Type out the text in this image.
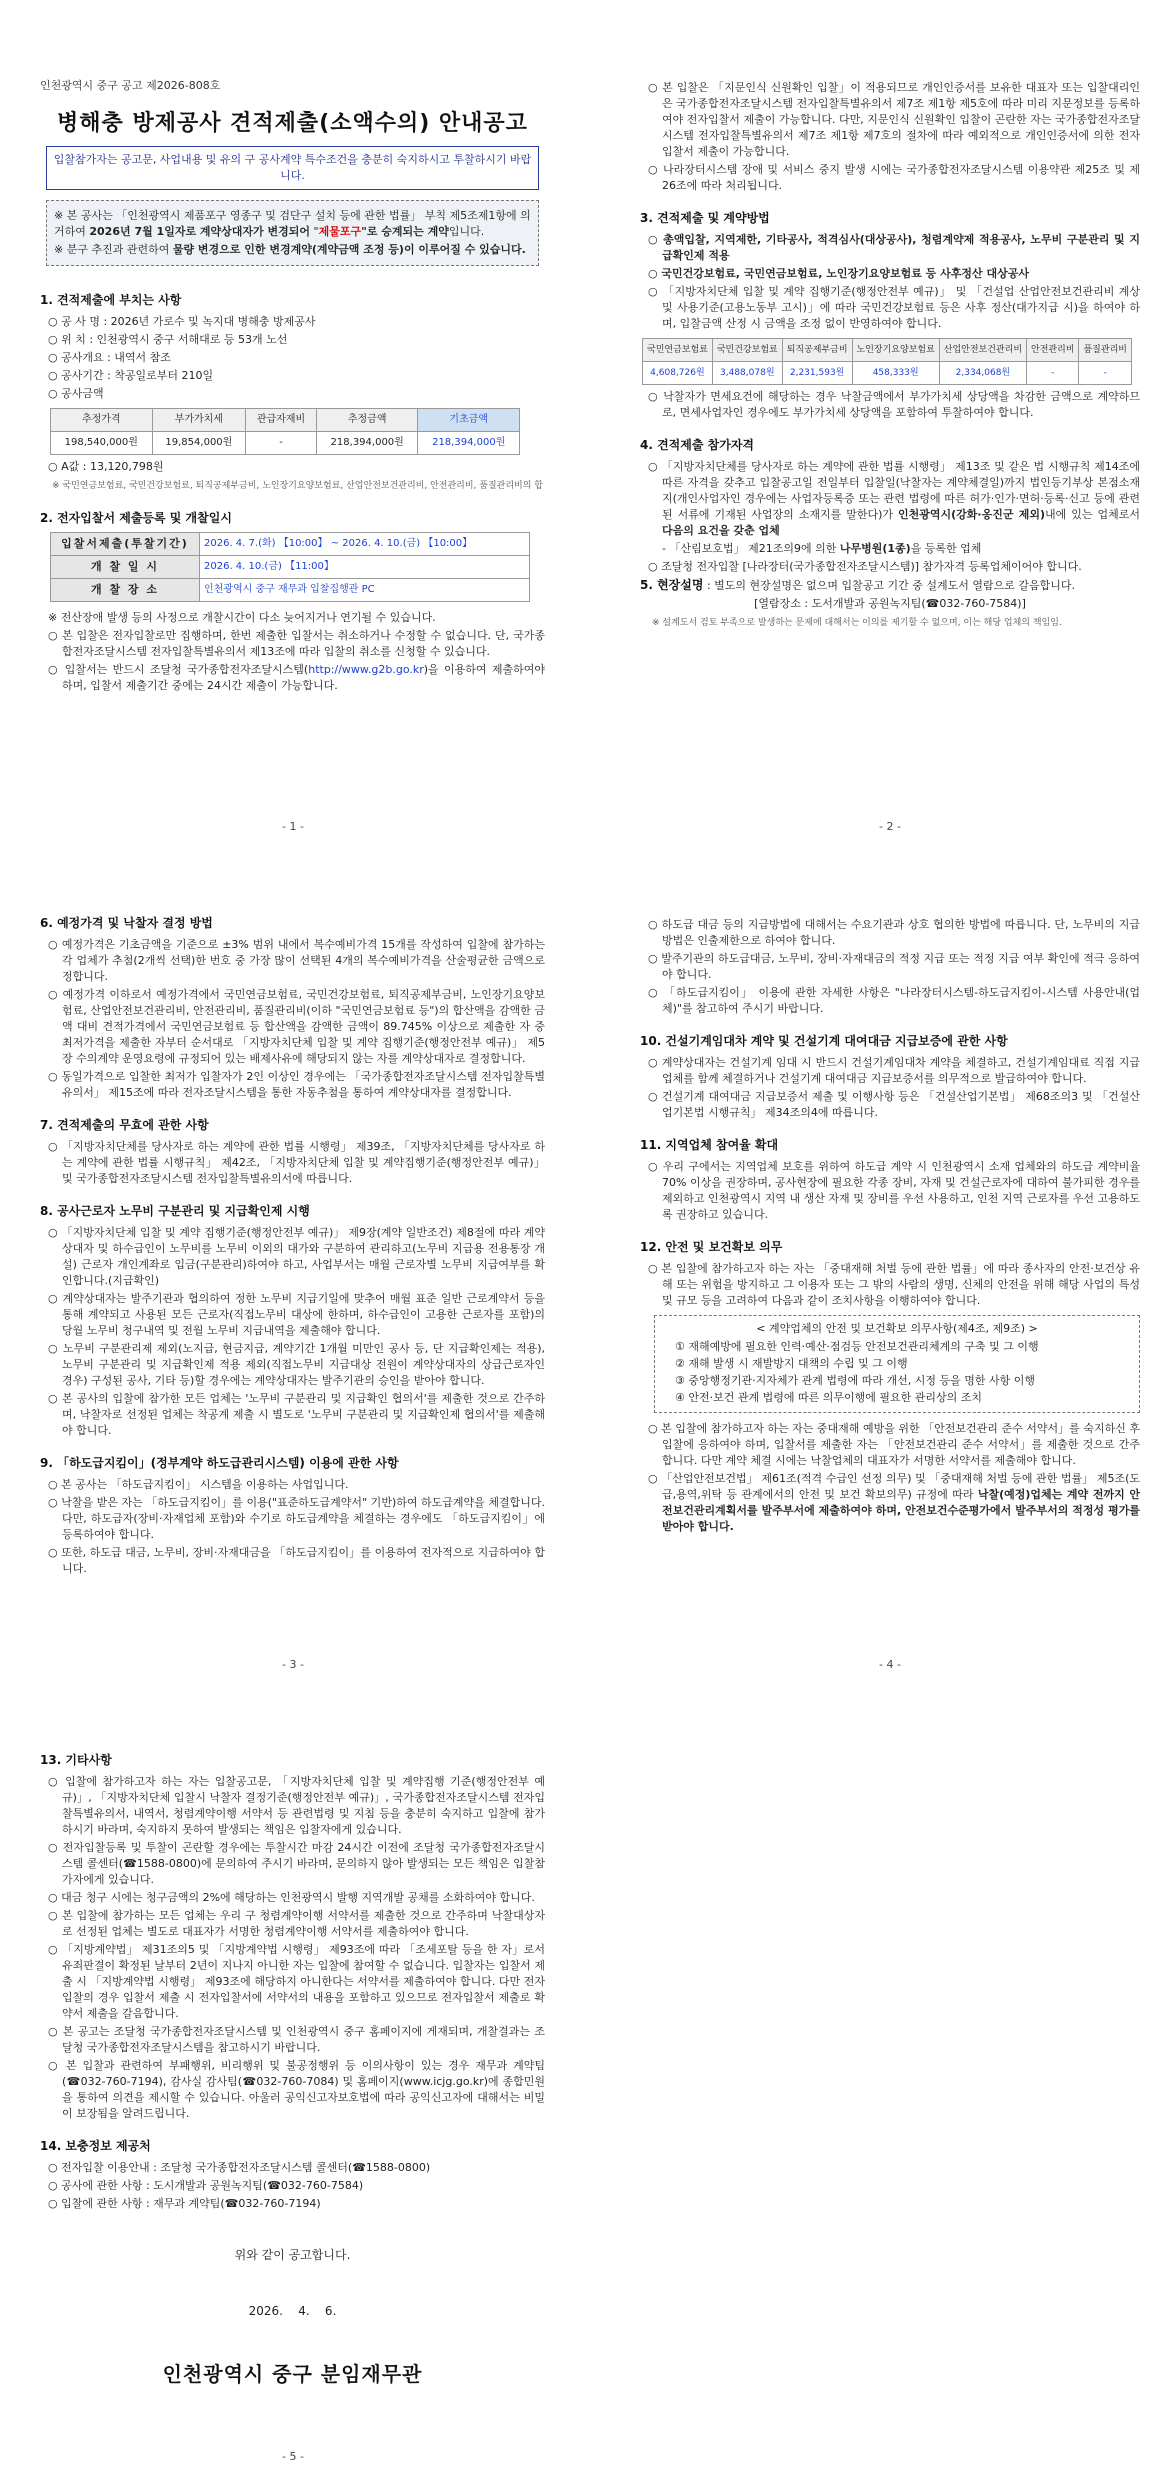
인천광역시 중구 공고 제2026-808호
병해충 방제공사 견적제출(소액수의) 안내공고
입찰참가자는 공고문, 사업내용 및 유의 구 공사계약 특수조건을 충분히 숙지하시고 투찰하시기 바랍니다.

※ 본 공사는 「인천광역시 제품포구 영종구 및 검단구 설치 등에 관한 법률」 부칙 제5조제1항에 의거하여 2026년 7월 1일자로 계약상대자가 변경되어 "제물포구"로 승계되는 계약입니다.

※ 분구 추진과 관련하여 물량 변경으로 인한 변경계약(계약금액 조정 등)이 이루어질 수 있습니다.

1. 견적제출에 부치는 사항

○ 공 사 명 : 2026년 가로수 및 녹지대 병해충 방제공사

○ 위 치 : 인천광역시 중구 서해대로 등 53개 노선

○ 공사개요 : 내역서 참조

○ 공사기간 : 착공일로부터 210일

○ 공사금액

추정가격	부가가치세	관급자재비	추정금액	기초금액
198,540,000원	19,854,000원	-	218,394,000원	218,394,000원

○ A값 : 13,120,798원

※ 국민연금보험료, 국민건강보험료, 퇴직공제부금비, 노인장기요양보험료, 산업안전보건관리비, 안전관리비, 품질관리비의 합

2. 전자입찰서 제출등록 및 개찰일시
입찰서제출(투찰기간)	2026. 4. 7.(화) 【10:00】 ~ 2026. 4. 10.(금) 【10:00】
개 찰 일 시	2026. 4. 10.(금) 【11:00】
개 찰 장 소	인천광역시 중구 재무과 입찰집행관 PC

※ 전산장애 발생 등의 사정으로 개찰시간이 다소 늦어지거나 연기될 수 있습니다.

○ 본 입찰은 전자입찰로만 집행하며, 한번 제출한 입찰서는 취소하거나 수정할 수 없습니다. 단, 국가종합전자조달시스템 전자입찰특별유의서 제13조에 따라 입찰의 취소를 신청할 수 있습니다.

○ 입찰서는 반드시 조달청 국가종합전자조달시스템(http://www.g2b.go.kr)을 이용하여 제출하여야 하며, 입찰서 제출기간 중에는 24시간 제출이 가능합니다.

- 1 -

○ 본 입찰은 「지문인식 신원확인 입찰」이 적용되므로 개인인증서를 보유한 대표자 또는 입찰대리인은 국가종합전자조달시스템 전자입찰특별유의서 제7조 제1항 제5호에 따라 미리 지문정보를 등록하여야 전자입찰서 제출이 가능합니다. 다만, 지문인식 신원확인 입찰이 곤란한 자는 국가종합전자조달시스템 전자입찰특별유의서 제7조 제1항 제7호의 절차에 따라 예외적으로 개인인증서에 의한 전자입찰서 제출이 가능합니다.

○ 나라장터시스템 장애 및 서비스 중지 발생 시에는 국가종합전자조달시스템 이용약관 제25조 및 제26조에 따라 처리됩니다.

3. 견적제출 및 계약방법

○ 총액입찰, 지역제한, 기타공사, 적격심사(대상공사), 청렴계약제 적용공사, 노무비 구분관리 및 지급확인제 적용

○ 국민건강보험료, 국민연금보험료, 노인장기요양보험료 등 사후정산 대상공사

○ 「지방자치단체 입찰 및 계약 집행기준(행정안전부 예규)」 및 「건설업 산업안전보건관리비 계상 및 사용기준(고용노동부 고시)」에 따라 국민건강보험료 등은 사후 정산(대가지급 시)을 하여야 하며, 입찰금액 산정 시 금액을 조정 없이 반영하여야 합니다.

국민연금보험료	국민건강보험료	퇴직공제부금비	노인장기요양보험료	산업안전보건관리비	안전관리비	품질관리비
4,608,726원	3,488,078원	2,231,593원	458,333원	2,334,068원	-	-

○ 낙찰자가 면세요건에 해당하는 경우 낙찰금액에서 부가가치세 상당액을 차감한 금액으로 계약하므로, 면세사업자인 경우에도 부가가치세 상당액을 포함하여 투찰하여야 합니다.

4. 견적제출 참가자격

○ 「지방자치단체를 당사자로 하는 계약에 관한 법률 시행령」 제13조 및 같은 법 시행규칙 제14조에 따른 자격을 갖추고 입찰공고일 전일부터 입찰일(낙찰자는 계약체결일)까지 법인등기부상 본점소재지(개인사업자인 경우에는 사업자등록증 또는 관련 법령에 따른 허가·인가·면허·등록·신고 등에 관련된 서류에 기재된 사업장의 소재지를 말한다)가 인천광역시(강화·옹진군 제외)내에 있는 업체로서 다음의 요건을 갖춘 업체

- 「산림보호법」 제21조의9에 의한 나무병원(1종)을 등록한 업체

○ 조달청 전자입찰 [나라장터(국가종합전자조달시스템)] 참가자격 등록업체이어야 합니다.

5. 현장설명 : 별도의 현장설명은 없으며 입찰공고 기간 중 설계도서 열람으로 갈음합니다.

[열람장소 : 도서개발과 공원녹지팀(☎032-760-7584)]

※ 설계도서 검토 부족으로 발생하는 문제에 대해서는 이의를 제기할 수 없으며, 이는 해당 업체의 책임임.

- 2 -
6. 예정가격 및 낙찰자 결정 방법

○ 예정가격은 기초금액을 기준으로 ±3% 범위 내에서 복수예비가격 15개를 작성하여 입찰에 참가하는 각 업체가 추첨(2개씩 선택)한 번호 중 가장 많이 선택된 4개의 복수예비가격을 산술평균한 금액으로 정합니다.

○ 예정가격 이하로서 예정가격에서 국민연금보험료, 국민건강보험료, 퇴직공제부금비, 노인장기요양보험료, 산업안전보건관리비, 안전관리비, 품질관리비(이하 "국민연금보험료 등")의 합산액을 감액한 금액 대비 견적가격에서 국민연금보험료 등 합산액을 감액한 금액이 89.745% 이상으로 제출한 자 중 최저가격을 제출한 자부터 순서대로 「지방자치단체 입찰 및 계약 집행기준(행정안전부 예규)」 제5장 수의계약 운영요령에 규정되어 있는 배제사유에 해당되지 않는 자를 계약상대자로 결정합니다.

○ 동일가격으로 입찰한 최저가 입찰자가 2인 이상인 경우에는 「국가종합전자조달시스템 전자입찰특별유의서」 제15조에 따라 전자조달시스템을 통한 자동추첨을 통하여 계약상대자를 결정합니다.

7. 견적제출의 무효에 관한 사항

○ 「지방자치단체를 당사자로 하는 계약에 관한 법률 시행령」 제39조, 「지방자치단체를 당사자로 하는 계약에 관한 법률 시행규칙」 제42조, 「지방자치단체 입찰 및 계약집행기준(행정안전부 예규)」 및 국가종합전자조달시스템 전자입찰특별유의서에 따릅니다.

8. 공사근로자 노무비 구분관리 및 지급확인제 시행

○ 「지방자치단체 입찰 및 계약 집행기준(행정안전부 예규)」 제9장(계약 일반조건) 제8절에 따라 계약상대자 및 하수급인이 노무비를 노무비 이외의 대가와 구분하여 관리하고(노무비 지급용 전용통장 개설) 근로자 개인계좌로 입금(구분관리)하여야 하고, 사업부서는 매월 근로자별 노무비 지급여부를 확인합니다.(지급확인)

○ 계약상대자는 발주기관과 협의하여 정한 노무비 지급기일에 맞추어 매월 표준 일반 근로계약서 등을 통해 계약되고 사용된 모든 근로자(직접노무비 대상에 한하며, 하수급인이 고용한 근로자를 포함)의 당월 노무비 청구내역 및 전월 노무비 지급내역을 제출해야 합니다.

○ 노무비 구분관리제 제외(노지급, 현금지급, 계약기간 1개월 미만인 공사 등, 단 지급확인제는 적용), 노무비 구분관리 및 지급확인제 적용 제외(직접노무비 지급대상 전원이 계약상대자의 상급근로자인 경우) 구성된 공사, 기타 등)할 경우에는 계약상대자는 발주기관의 승인을 받아야 합니다.

○ 본 공사의 입찰에 참가한 모든 업체는 '노무비 구분관리 및 지급확인 협의서'를 제출한 것으로 간주하며, 낙찰자로 선정된 업체는 착공계 제출 시 별도로 '노무비 구분관리 및 지급확인제 협의서'를 제출해야 합니다.

9. 「하도급지킴이」(정부계약 하도급관리시스템) 이용에 관한 사항

○ 본 공사는 「하도급지킴이」 시스템을 이용하는 사업입니다.

○ 낙찰을 받은 자는 「하도급지킴이」를 이용("표준하도급계약서" 기반)하여 하도급계약을 체결합니다. 다만, 하도급자(장비·자재업체 포함)와 수기로 하도급계약을 체결하는 경우에도 「하도급지킴이」에 등록하여야 합니다.

○ 또한, 하도급 대금, 노무비, 장비·자재대금을 「하도급지킴이」를 이용하여 전자적으로 지급하여야 합니다.

- 3 -

○ 하도급 대금 등의 지급방법에 대해서는 수요기관과 상호 협의한 방법에 따릅니다. 단, 노무비의 지급방법은 인출제한으로 하여야 합니다.

○ 발주기관의 하도급대금, 노무비, 장비·자재대금의 적정 지급 또는 적정 지급 여부 확인에 적극 응하여야 합니다.

○ 「하도급지킴이」 이용에 관한 자세한 사항은 "나라장터시스템-하도급지킴이-시스템 사용안내(업체)"를 참고하여 주시기 바랍니다.

10. 건설기계임대차 계약 및 건설기계 대여대금 지급보증에 관한 사항

○ 계약상대자는 건설기계 임대 시 반드시 건설기계임대차 계약을 체결하고, 건설기계임대료 직접 지급 업체를 함께 체결하거나 건설기계 대여대금 지급보증서를 의무적으로 발급하여야 합니다.

○ 건설기계 대여대금 지급보증서 제출 및 이행사항 등은 「건설산업기본법」 제68조의3 및 「건설산업기본법 시행규칙」 제34조의4에 따릅니다.

11. 지역업체 참여율 확대

○ 우리 구에서는 지역업체 보호를 위하여 하도급 계약 시 인천광역시 소재 업체와의 하도급 계약비율 70% 이상을 권장하며, 공사현장에 필요한 각종 장비, 자재 및 건설근로자에 대하여 불가피한 경우를 제외하고 인천광역시 지역 내 생산 자재 및 장비를 우선 사용하고, 인천 지역 근로자를 우선 고용하도록 권장하고 있습니다.

12. 안전 및 보건확보 의무

○ 본 입찰에 참가하고자 하는 자는 「중대재해 처벌 등에 관한 법률」에 따라 종사자의 안전·보건상 유해 또는 위험을 방지하고 그 이용자 또는 그 밖의 사람의 생명, 신체의 안전을 위해 해당 사업의 특성 및 규모 등을 고려하여 다음과 같이 조치사항을 이행하여야 합니다.

< 계약업체의 안전 및 보건확보 의무사항(제4조, 제9조) >

① 재해예방에 필요한 인력·예산·점검등 안전보건관리체계의 구축 및 그 이행

② 재해 발생 시 재발방지 대책의 수립 및 그 이행

③ 중앙행정기관·지자체가 관계 법령에 따라 개선, 시정 등을 명한 사항 이행

④ 안전·보건 관계 법령에 따른 의무이행에 필요한 관리상의 조치

○ 본 입찰에 참가하고자 하는 자는 중대재해 예방을 위한 「안전보건관리 준수 서약서」를 숙지하신 후 입찰에 응하여야 하며, 입찰서를 제출한 자는 「안전보건관리 준수 서약서」를 제출한 것으로 간주합니다. 다만 계약 체결 시에는 낙찰업체의 대표자가 서명한 서약서를 제출해야 합니다.

○ 「산업안전보건법」 제61조(적격 수급인 선정 의무) 및 「중대재해 처벌 등에 관한 법률」 제5조(도급,용역,위탁 등 관계에서의 안전 및 보건 확보의무) 규정에 따라 낙찰(예정)업체는 계약 전까지 안전보건관리계획서를 발주부서에 제출하여야 하며, 안전보건수준평가에서 발주부서의 적정성 평가를 받아야 합니다.

- 4 -
13. 기타사항

○ 입찰에 참가하고자 하는 자는 입찰공고문, 「지방자치단체 입찰 및 계약집행 기준(행정안전부 예규)」, 「지방자치단체 입찰시 낙찰자 결정기준(행정안전부 예규)」, 국가종합전자조달시스템 전자입찰특별유의서, 내역서, 청렴계약이행 서약서 등 관련법령 및 지침 등을 충분히 숙지하고 입찰에 참가하시기 바라며, 숙지하지 못하여 발생되는 책임은 입찰자에게 있습니다.

○ 전자입찰등록 및 투찰이 곤란할 경우에는 투찰시간 마감 24시간 이전에 조달청 국가종합전자조달시스템 콜센터(☎1588-0800)에 문의하여 주시기 바라며, 문의하지 않아 발생되는 모든 책임은 입찰참가자에게 있습니다.

○ 대금 청구 시에는 청구금액의 2%에 해당하는 인천광역시 발행 지역개발 공채를 소화하여야 합니다.

○ 본 입찰에 참가하는 모든 업체는 우리 구 청렴계약이행 서약서를 제출한 것으로 간주하며 낙찰대상자로 선정된 업체는 별도로 대표자가 서명한 청렴계약이행 서약서를 제출하여야 합니다.

○ 「지방계약법」 제31조의5 및 「지방계약법 시행령」 제93조에 따라 「조세포탈 등을 한 자」로서 유죄판결이 확정된 날부터 2년이 지나지 아니한 자는 입찰에 참여할 수 없습니다. 입찰자는 입찰서 제출 시 「지방계약법 시행령」 제93조에 해당하지 아니한다는 서약서를 제출하여야 합니다. 다만 전자입찰의 경우 입찰서 제출 시 전자입찰서에 서약서의 내용을 포함하고 있으므로 전자입찰서 제출로 확약서 제출을 갈음합니다.

○ 본 공고는 조달청 국가종합전자조달시스템 및 인천광역시 중구 홈페이지에 게재되며, 개찰결과는 조달청 국가종합전자조달시스템을 참고하시기 바랍니다.

○ 본 입찰과 관련하여 부패행위, 비리행위 및 불공정행위 등 이의사항이 있는 경우 재무과 계약팀(☎032-760-7194), 감사실 감사팀(☎032-760-7084) 및 홈페이지(www.icjg.go.kr)에 종합민원을 통하여 의견을 제시할 수 있습니다. 아울러 공익신고자보호법에 따라 공익신고자에 대해서는 비밀이 보장됨을 알려드립니다.

14. 보충정보 제공처

○ 전자입찰 이용안내 : 조달청 국가종합전자조달시스템 콜센터(☎1588-0800)

○ 공사에 관한 사항 : 도시개발과 공원녹지팀(☎032-760-7584)

○ 입찰에 관한 사항 : 재무과 계약팀(☎032-760-7194)

위와 같이 공고합니다.
2026.    4.    6.
인천광역시 중구 분임재무관
- 5 -
